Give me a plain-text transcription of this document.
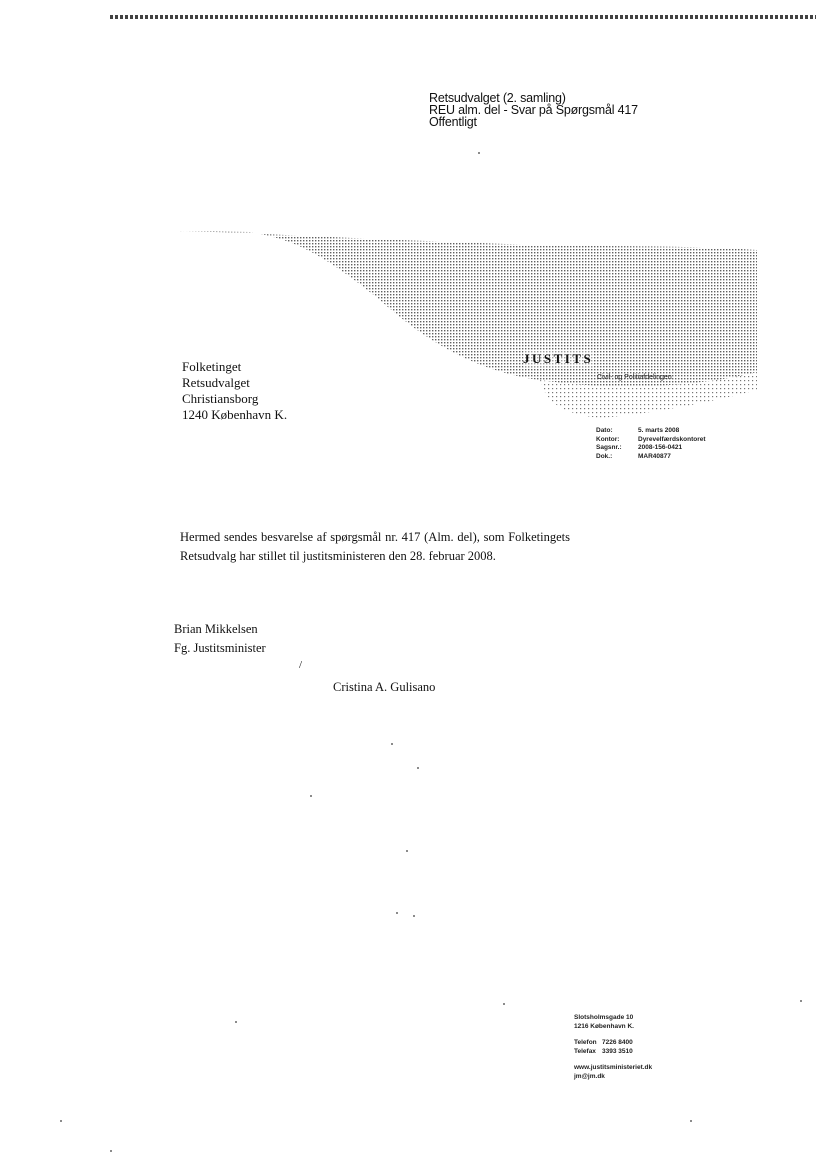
Retsudvalget (2. samling)
REU alm. del - Svar på Spørgsmål 417
Offentligt
JUSTITS
Civil- og Politiafdelingen
Folketinget
Retsudvalget
Christiansborg
1240 København K.
Dato:	5. marts 2008
Kontor:	Dyrevelfærdskontoret
Sagsnr.:	2008-156-0421
Dok.:	MAR40877
Hermed sendes besvarelse af spørgsmål nr. 417 (Alm. del), som Folketingets Retsudvalg har stillet til justitsministeren den 28. februar 2008.
Brian Mikkelsen
Fg. Justitsminister
/
Cristina A. Gulisano
Slotsholmsgade 10
1216 København K.
Telefon 7226 8400
Telefax 3393 3510
www.justitsministeriet.dk
jm@jm.dk
